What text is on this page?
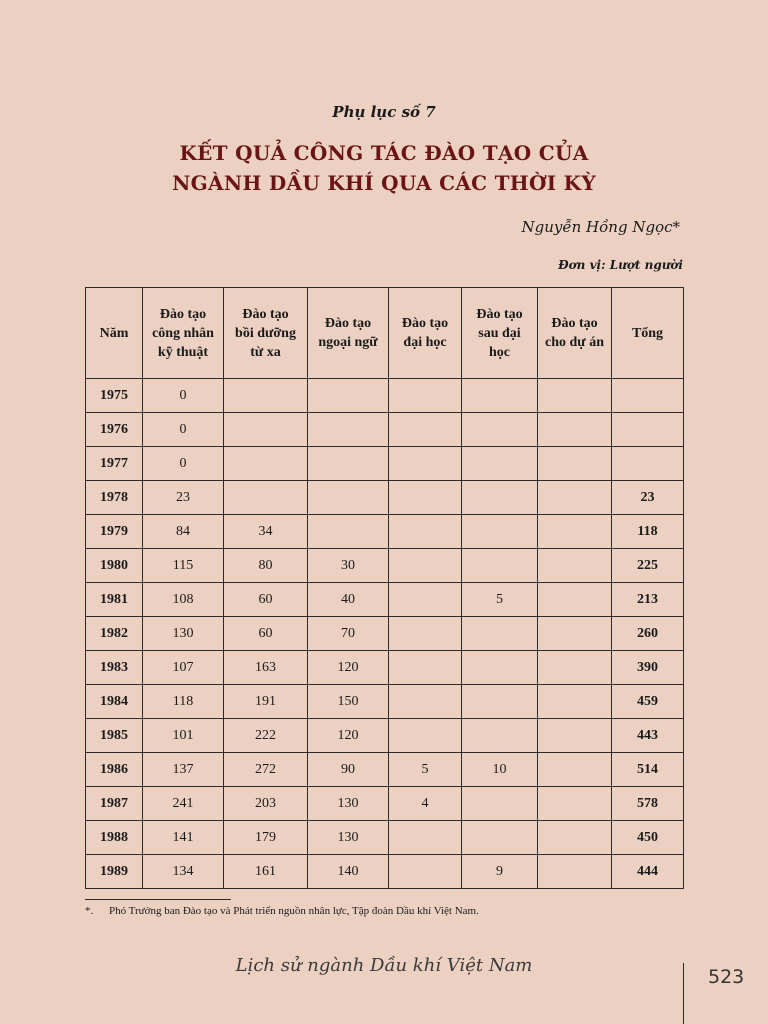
Phụ lục số 7
KẾT QUẢ CÔNG TÁC ĐÀO TẠO CỦA
NGÀNH DẦU KHÍ QUA CÁC THỜI KỲ
Nguyễn Hồng Ngọc*
Đơn vị: Lượt người
Năm	Đào tạo công nhân kỹ thuật	Đào tạo bồi dưỡng từ xa	Đào tạo ngoại ngữ	Đào tạo đại học	Đào tạo sau đại học	Đào tạo cho dự án	Tổng
1975	0						
1976	0						
1977	0						
1978	23						23
1979	84	34					118
1980	115	80	30				225
1981	108	60	40		5		213
1982	130	60	70				260
1983	107	163	120				390
1984	118	191	150				459
1985	101	222	120				443
1986	137	272	90	5	10		514
1987	241	203	130	4			578
1988	141	179	130				450
1989	134	161	140		9		444
*. Phó Trưởng ban Đào tạo và Phát triển nguồn nhân lực, Tập đoàn Dầu khí Việt Nam.
Lịch sử ngành Dầu khí Việt Nam
523
